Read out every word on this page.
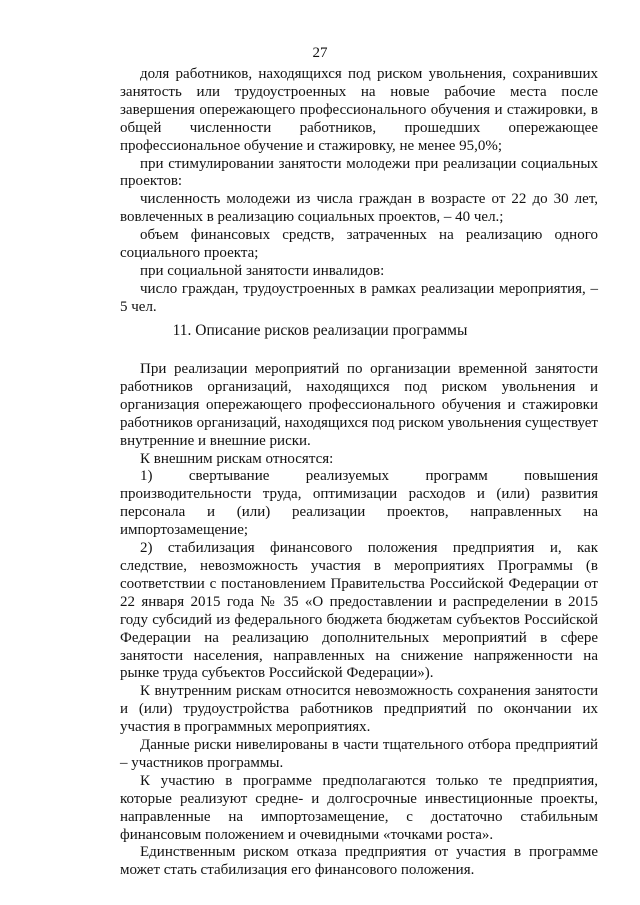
27

доля работников, находящихся под риском увольнения, сохранивших занятость или трудоустроенных на новые рабочие места после завершения опережающего профессионального обучения и стажировки, в общей численности работников, прошедших опережающее профессиональное обучение и стажировку, не менее 95,0%;

при стимулировании занятости молодежи при реализации социальных проектов:

численность молодежи из числа граждан в возрасте от 22 до 30 лет, вовлеченных в реализацию социальных проектов, – 40 чел.;

объем финансовых средств, затраченных на реализацию одного социального проекта;

при социальной занятости инвалидов:

число граждан, трудоустроенных в рамках реализации мероприятия, – 5 чел.

11. Описание рисков реализации программы

При реализации мероприятий по организации временной занятости работников организаций, находящихся под риском увольнения и организация опережающего профессионального обучения и стажировки работников организаций, находящихся под риском увольнения существует внутренние и внешние риски.

К внешним рискам относятся:

1) свертывание реализуемых программ повышения производительности труда, оптимизации расходов и (или) развития персонала и (или) реализации проектов, направленных на импортозамещение;

2) стабилизация финансового положения предприятия и, как следствие, невозможность участия в мероприятиях Программы (в соответствии с постановлением Правительства Российской Федерации от 22 января 2015 года № 35 «О предоставлении и распределении в 2015 году субсидий из федерального бюджета бюджетам субъектов Российской Федерации на реализацию дополнительных мероприятий в сфере занятости населения, направленных на снижение напряженности на рынке труда субъектов Российской Федерации»).

К внутренним рискам относится невозможность сохранения занятости и (или) трудоустройства работников предприятий по окончании их участия в программных мероприятиях.

Данные риски нивелированы в части тщательного отбора предприятий – участников программы.

К участию в программе предполагаются только те предприятия, которые реализуют средне- и долгосрочные инвестиционные проекты, направленные на импортозамещение, с достаточно стабильным финансовым положением и очевидными «точками роста».

Единственным риском отказа предприятия от участия в программе может стать стабилизация его финансового положения.
